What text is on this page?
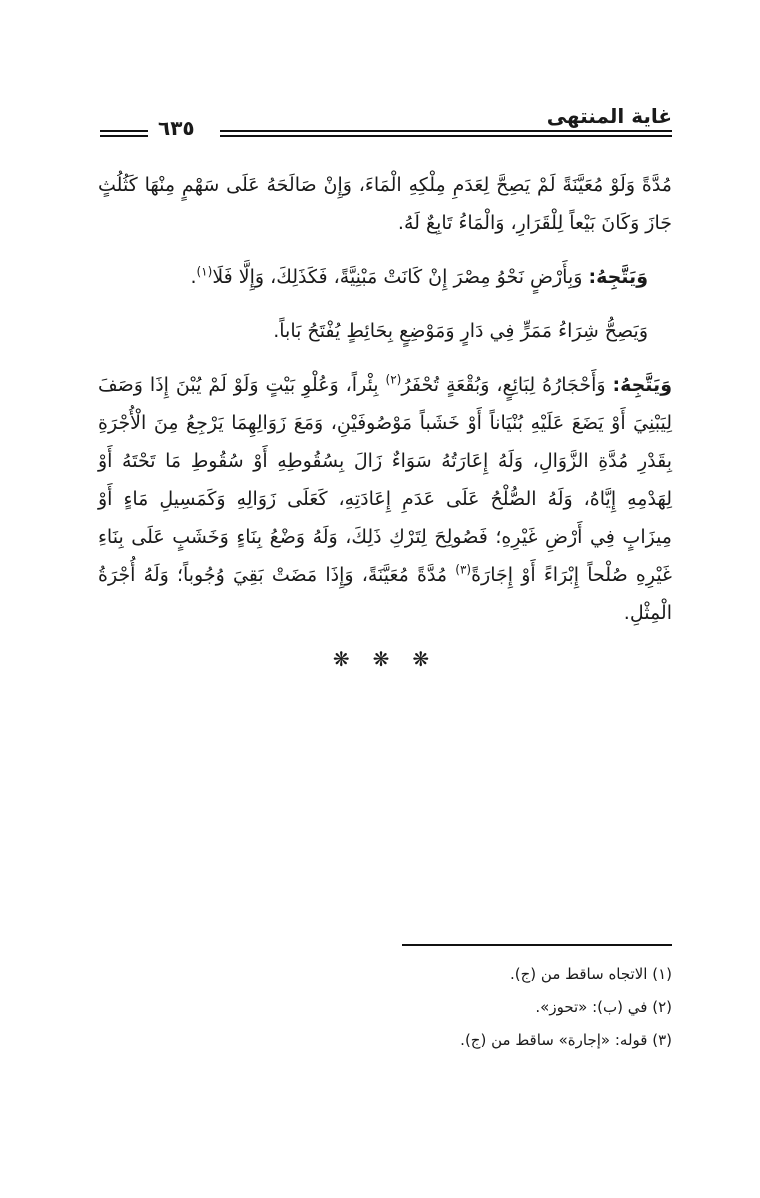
غاية المنتهى
٦٣٥

مُدَّةً وَلَوْ مُعَيَّنَةً لَمْ يَصِحَّ لِعَدَمِ مِلْكِهِ الْمَاءَ، وَإِنْ صَالَحَهُ عَلَى سَهْمٍ مِنْهَا كَثُلُثٍ جَازَ وَكَانَ بَيْعاً لِلْقَرَارِ، وَالْمَاءُ تَابِعٌ لَهُ.

وَيَتَّجِهُ: وَبِأَرْضٍ نَحْوُ مِصْرَ إِنْ كَانَتْ مَبْنِيَّةً، فَكَذَلِكَ، وَإِلَّا فَلَا$^{(١)}$.

وَيَصِحُّ شِرَاءُ مَمَرٍّ فِي دَارٍ وَمَوْضِعٍ بِحَائِطٍ يُفْتَحُ بَاباً.

وَيَتَّجِهُ: وَأَحْجَارُهُ لِبَائِعٍ، وَبُقْعَةٍ تُحْفَرُ$^{(٢)}$ بِئْراً، وَعُلْوِ بَيْتٍ وَلَوْ لَمْ يُبْنَ إِذَا وَصَفَ لِيَبْنِيَ أَوْ يَضَعَ عَلَيْهِ بُنْيَاناً أَوْ خَشَباً مَوْصُوفَيْنِ، وَمَعَ زَوَالِهِمَا يَرْجِعُ مِنَ الْأُجْرَةِ بِقَدْرِ مُدَّةِ الزَّوَالِ، وَلَهُ إِعَارَتُهُ سَوَاءٌ زَالَ بِسُقُوطِهِ أَوْ سُقُوطِ مَا تَحْتَهُ أَوْ لِهَدْمِهِ إِيَّاهُ، وَلَهُ الصُّلْحُ عَلَى عَدَمِ إِعَادَتِهِ، كَعَلَى زَوَالِهِ وَكَمَسِيلِ مَاءٍ أَوْ مِيزَابٍ فِي أَرْضِ غَيْرِهِ؛ فَصُولِحَ لِتَرْكِ ذَلِكَ، وَلَهُ وَضْعُ بِنَاءٍ وَخَشَبٍ عَلَى بِنَاءِ غَيْرِهِ صُلْحاً إِبْرَاءً أَوْ إِجَارَةً$^{(٣)}$ مُدَّةً مُعَيَّنَةً، وَإِذَا مَضَتْ بَقِيَ وُجُوباً؛ وَلَهُ أُجْرَةُ الْمِثْلِ.

❋ ❋ ❋
(١) الاتجاه ساقط من (ج).
(٢) في (ب): «تحوز».
(٣) قوله: «إجارة» ساقط من (ج).
